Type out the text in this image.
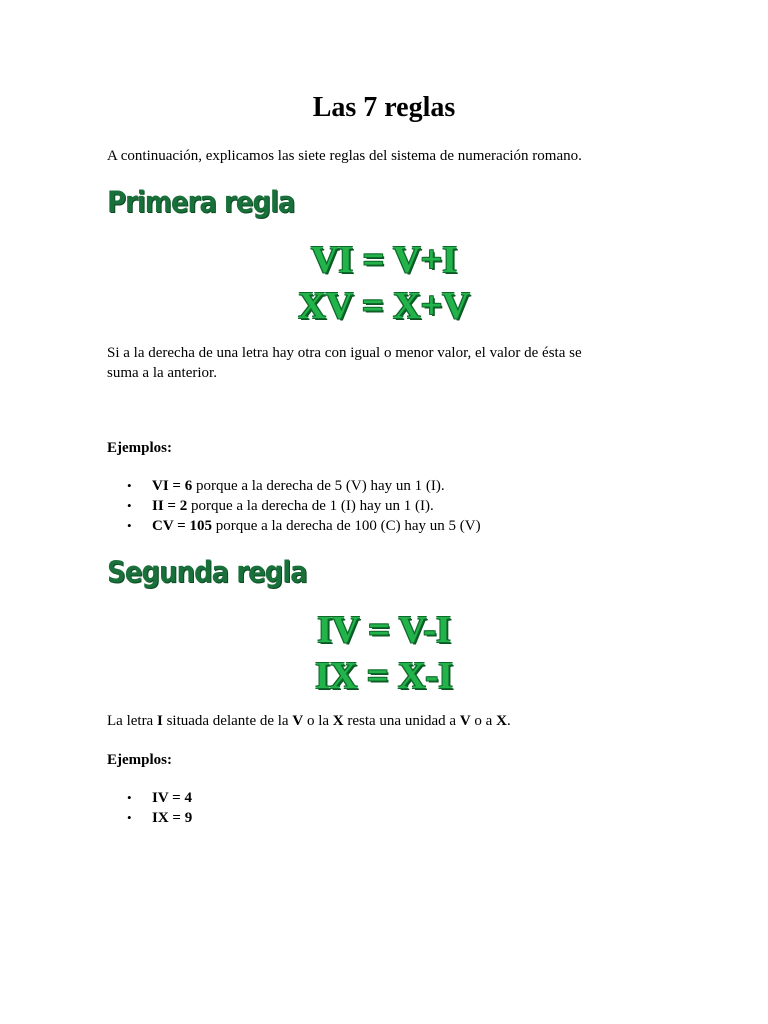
Las 7 reglas

A continuación, explicamos las siete reglas del sistema de numeración romano.

Primera regla

VI = V+I

XV = X+V

Si a la derecha de una letra hay otra con igual o menor valor, el valor de ésta se
suma a la anterior.

Ejemplos:

• VI = 6 porque a la derecha de 5 (V) hay un 1 (I).
• II = 2 porque a la derecha de 1 (I) hay un 1 (I).
• CV = 105 porque a la derecha de 100 (C) hay un 5 (V)
Segunda regla

IV = V-I

IX = X-I

La letra I situada delante de la V o la X resta una unidad a V o a X.

Ejemplos:

• IV = 4
• IX = 9
